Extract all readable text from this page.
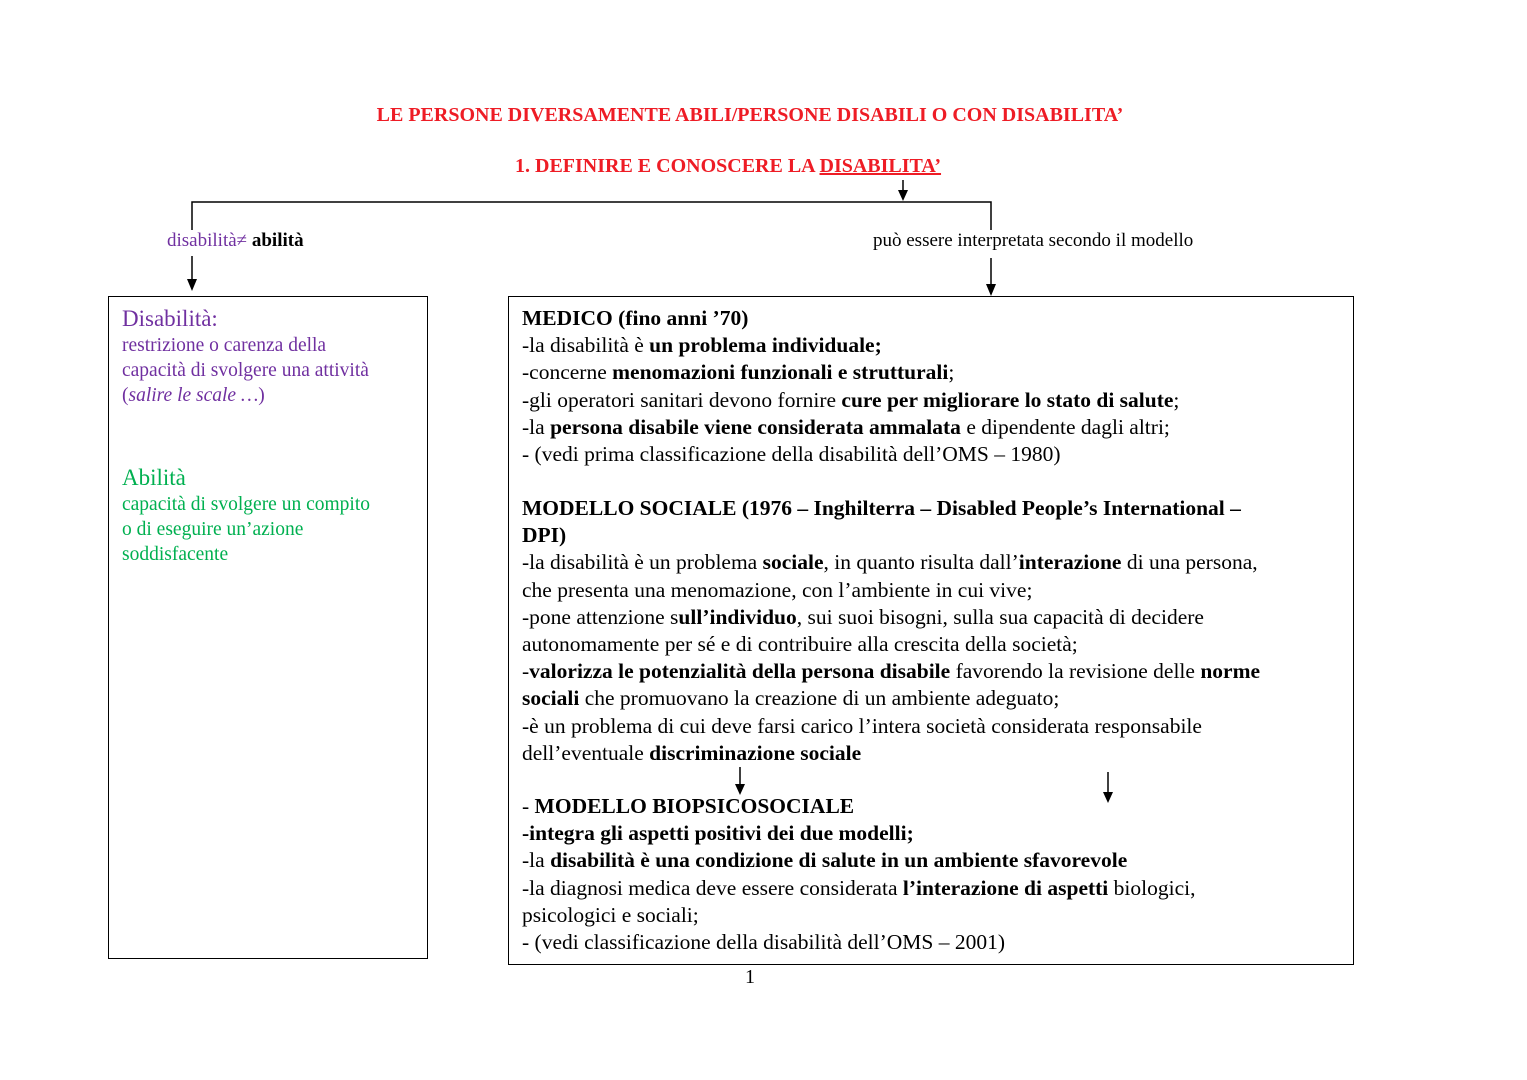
LE PERSONE DIVERSAMENTE ABILI/PERSONE DISABILI O CON DISABILITA’
1. DEFINIRE E CONOSCERE LA DISABILITA’
disabilità≠ abilità	può essere interpretata secondo il modello
Disabilità:
restrizione o carenza della
capacità di svolgere una attività
(salire le scale …)
Abilità
capacità di svolgere un compito
o di eseguire un’azione
soddisfacente
MEDICO (fino anni ’70)
-la disabilità è un problema individuale;
-concerne menomazioni funzionali e strutturali;
-gli operatori sanitari devono fornire cure per migliorare lo stato di salute;
-la persona disabile viene considerata ammalata e dipendente dagli altri;
- (vedi prima classificazione della disabilità dell’OMS – 1980)
MODELLO SOCIALE (1976 – Inghilterra – Disabled People’s International –
DPI)
-la disabilità è un problema sociale, in quanto risulta dall’interazione di una persona,
che presenta una menomazione, con l’ambiente in cui vive;
-pone attenzione sull’individuo, sui suoi bisogni, sulla sua capacità di decidere
autonomamente per sé e di contribuire alla crescita della società;
-valorizza le potenzialità della persona disabile favorendo la revisione delle norme
sociali che promuovano la creazione di un ambiente adeguato;
-è un problema di cui deve farsi carico l’intera società considerata responsabile
dell’eventuale discriminazione sociale
- MODELLO BIOPSICOSOCIALE
-integra gli aspetti positivi dei due modelli;
-la disabilità è una condizione di salute in un ambiente sfavorevole
-la diagnosi medica deve essere considerata l’interazione di aspetti biologici,
psicologici e sociali;
- (vedi classificazione della disabilità dell’OMS – 2001)
1
